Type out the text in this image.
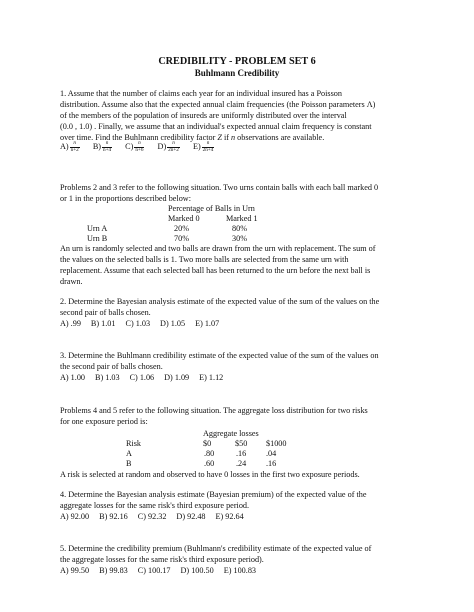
CREDIBILITY - PROBLEM SET 6
Buhlmann Credibility
1. Assume that the number of claims each year for an individual insured has a Poisson
distribution. Assume also that the expected annual claim frequencies (the Poisson parameters Λ)
of the members of the population of insureds are uniformly distributed over the interval
(0.0 , 1.0) . Finally, we assume that an individual's expected annual claim frequency is constant
over time. Find the Buhlmann credibility factor Z if n observations are available.
$A) \frac{n}{n+2} B) \frac{n}{n+4} C) \frac{n}{n+6} D) \frac{n}{2n+2} E) \frac{n}{2n+4}$
Problems 2 and 3 refer to the following situation. Two urns contain balls with each ball marked 0
or 1 in the proportions described below:
Percentage of Balls in Urn
Marked 0	Marked 1
Urn A	20%	80%
Urn B	70%	30%
An urn is randomly selected and two balls are drawn from the urn with replacement. The sum of
the values on the selected balls is 1. Two more balls are selected from the same urn with
replacement. Assume that each selected ball has been returned to the urn before the next ball is
drawn.
2. Determine the Bayesian analysis estimate of the expected value of the sum of the values on the
second pair of balls chosen.
A) .99 B) 1.01 C) 1.03 D) 1.05 E) 1.07
3. Determine the Buhlmann credibility estimate of the expected value of the sum of the values on
the second pair of balls chosen.
A) 1.00 B) 1.03 C) 1.06 D) 1.09 E) 1.12
Problems 4 and 5 refer to the following situation. The aggregate loss distribution for two risks
for one exposure period is:
Aggregate losses
$0	$50 $1000
Risk
A	.80	.16 .04
B	.60	.24 .16
A risk is selected at random and observed to have 0 losses in the first two exposure periods.
4. Determine the Bayesian analysis estimate (Bayesian premium) of the expected value of the
aggregate losses for the same risk's third exposure period.
A) 92.00 B) 92.16 C) 92.32 D) 92.48 E) 92.64
5. Determine the credibility premium (Buhlmann's credibility estimate of the expected value of
the aggregate losses for the same risk's third exposure period).
A) 99.50 B) 99.83 C) 100.17 D) 100.50 E) 100.83
